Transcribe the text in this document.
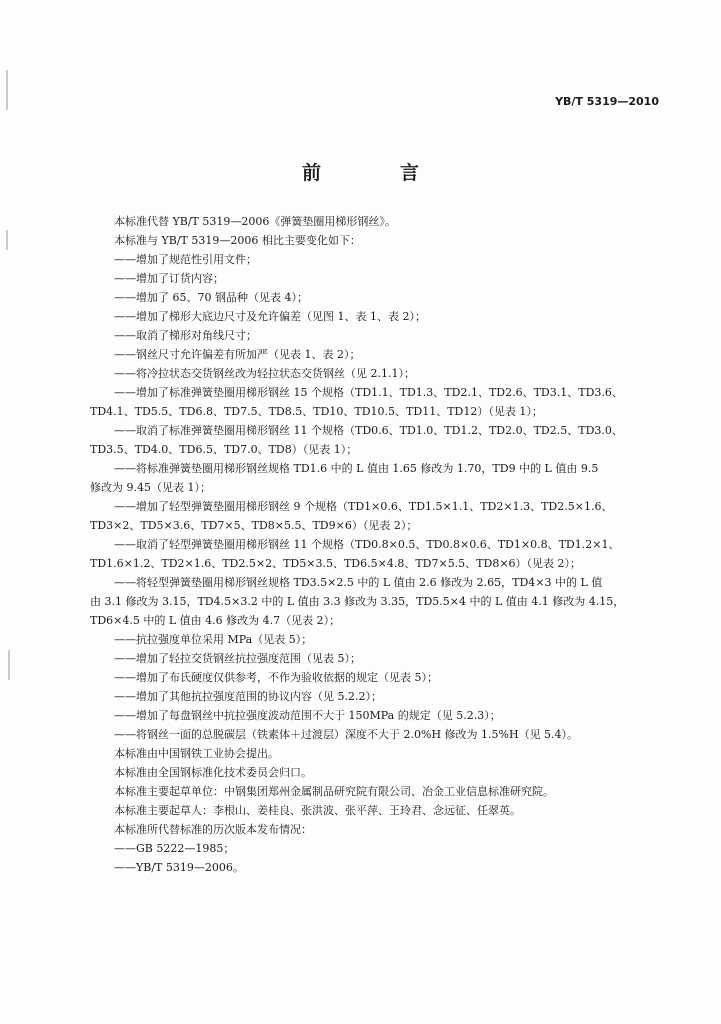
YB/T 5319—2010
前　言
本标准代替 YB/T 5319—2006《弹簧垫圈用梯形钢丝》。
本标准与 YB/T 5319—2006 相比主要变化如下：
——增加了规范性引用文件；
——增加了订货内容；
——增加了 65、70 钢品种（见表 4）；
——增加了梯形大底边尺寸及允许偏差（见图 1、表 1、表 2）；
——取消了梯形对角线尺寸；
——钢丝尺寸允许偏差有所加严（见表 1、表 2）；
——将冷拉状态交货钢丝改为轻拉状态交货钢丝（见 2.1.1）；
——增加了标准弹簧垫圈用梯形钢丝 15 个规格（TD1.1、TD1.3、TD2.1、TD2.6、TD3.1、TD3.6、
TD4.1、TD5.5、TD6.8、TD7.5、TD8.5、TD10、TD10.5、TD11、TD12）（见表 1）；
——取消了标准弹簧垫圈用梯形钢丝 11 个规格（TD0.6、TD1.0、TD1.2、TD2.0、TD2.5、TD3.0、
TD3.5、TD4.0、TD6.5、TD7.0、TD8）（见表 1）；
——将标准弹簧垫圈用梯形钢丝规格 TD1.6 中的 L 值由 1.65 修改为 1.70，TD9 中的 L 值由 9.5
修改为 9.45（见表 1）；
——增加了轻型弹簧垫圈用梯形钢丝 9 个规格（TD1×0.6、TD1.5×1.1、TD2×1.3、TD2.5×1.6、
TD3×2、TD5×3.6、TD7×5、TD8×5.5、TD9×6）（见表 2）；
——取消了轻型弹簧垫圈用梯形钢丝 11 个规格（TD0.8×0.5、TD0.8×0.6、TD1×0.8、TD1.2×1、
TD1.6×1.2、TD2×1.6、TD2.5×2、TD5×3.5、TD6.5×4.8、TD7×5.5、TD8×6）（见表 2）；
——将轻型弹簧垫圈用梯形钢丝规格 TD3.5×2.5 中的 L 值由 2.6 修改为 2.65，TD4×3 中的 L 值
由 3.1 修改为 3.15，TD4.5×3.2 中的 L 值由 3.3 修改为 3.35，TD5.5×4 中的 L 值由 4.1 修改为 4.15，
TD6×4.5 中的 L 值由 4.6 修改为 4.7（见表 2）；
——抗拉强度单位采用 MPa（见表 5）；
——增加了轻拉交货钢丝抗拉强度范围（见表 5）；
——增加了布氏硬度仅供参考，不作为验收依据的规定（见表 5）；
——增加了其他抗拉强度范围的协议内容（见 5.2.2）；
——增加了每盘钢丝中抗拉强度波动范围不大于 150MPa 的规定（见 5.2.3）；
——将钢丝一面的总脱碳层（铁素体＋过渡层）深度不大于 2.0%H 修改为 1.5%H（见 5.4）。
本标准由中国钢铁工业协会提出。
本标准由全国钢标准化技术委员会归口。
本标准主要起草单位：中钢集团郑州金属制品研究院有限公司、冶金工业信息标准研究院。
本标准主要起草人：李根山、姜桂良、张洪波、张平萍、王玲君、念远征、任翠英。
本标准所代替标准的历次版本发布情况：
——GB 5222—1985；
——YB/T 5319—2006。
